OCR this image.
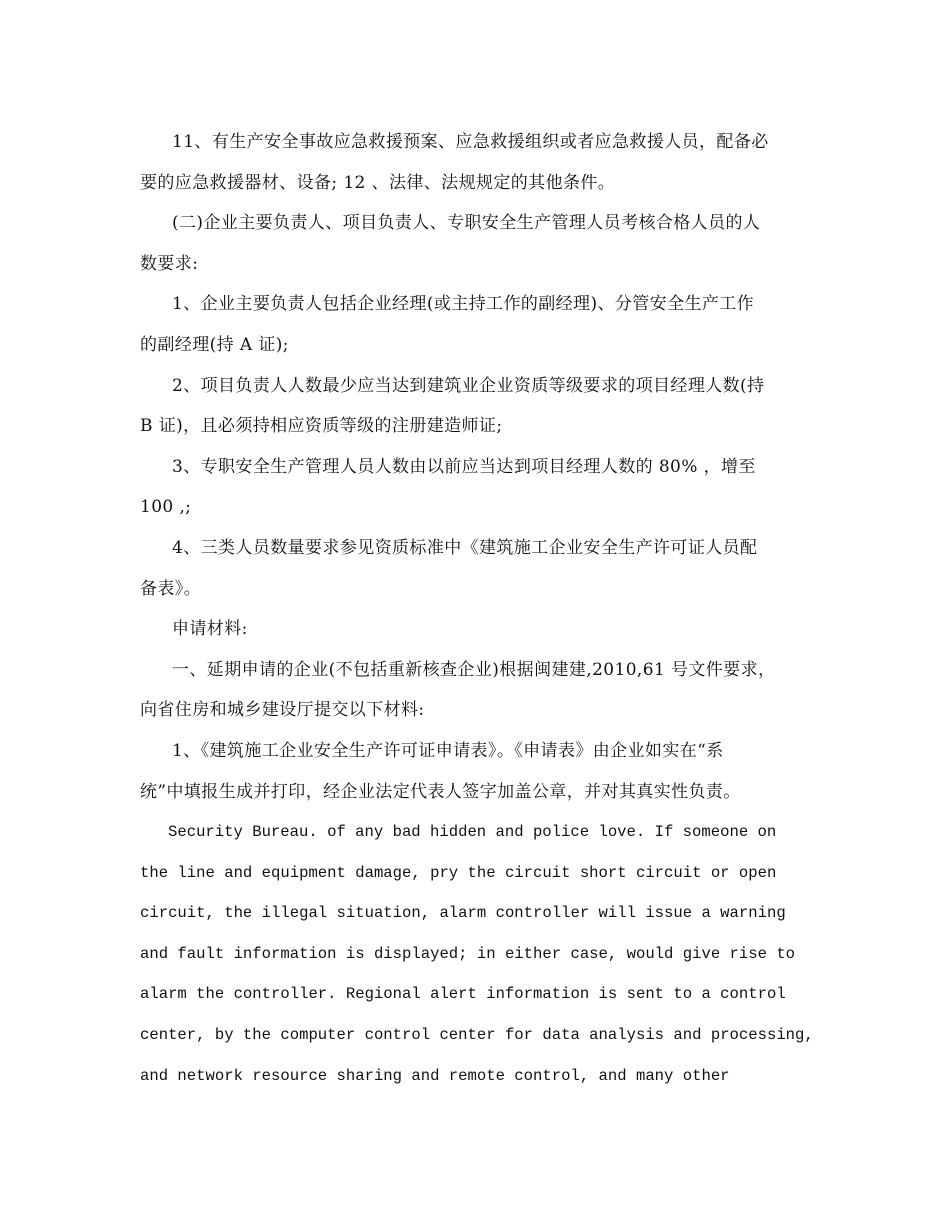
11、有生产安全事故应急救援预案、应急救援组织或者应急救援人员，配备必
要的应急救援器材、设备; 12 、法律、法规规定的其他条件。

(二)企业主要负责人、项目负责人、专职安全生产管理人员考核合格人员的人
数要求:

1、企业主要负责人包括企业经理(或主持工作的副经理)、分管安全生产工作
的副经理(持 A 证);

2、项目负责人人数最少应当达到建筑业企业资质等级要求的项目经理人数(持
B 证)，且必须持相应资质等级的注册建造师证;

3、专职安全生产管理人员人数由以前应当达到项目经理人数的 80% ，增至
100 ,;

4、三类人员数量要求参见资质标准中《建筑施工企业安全生产许可证人员配
备表》。

申请材料:

一、延期申请的企业(不包括重新核查企业)根据闽建建,2010,61 号文件要求，
向省住房和城乡建设厅提交以下材料:

1、《建筑施工企业安全生产许可证申请表》。《申请表》由企业如实在“系
统”中填报生成并打印，经企业法定代表人签字加盖公章，并对其真实性负责。

Security Bureau. of any bad hidden and police love. If someone on
the line and equipment damage, pry the circuit short circuit or open
circuit, the illegal situation, alarm controller will issue a warning
and fault information is displayed; in either case, would give rise to
alarm the controller. Regional alert information is sent to a control
center, by the computer control center for data analysis and processing,
and network resource sharing and remote control, and many other
